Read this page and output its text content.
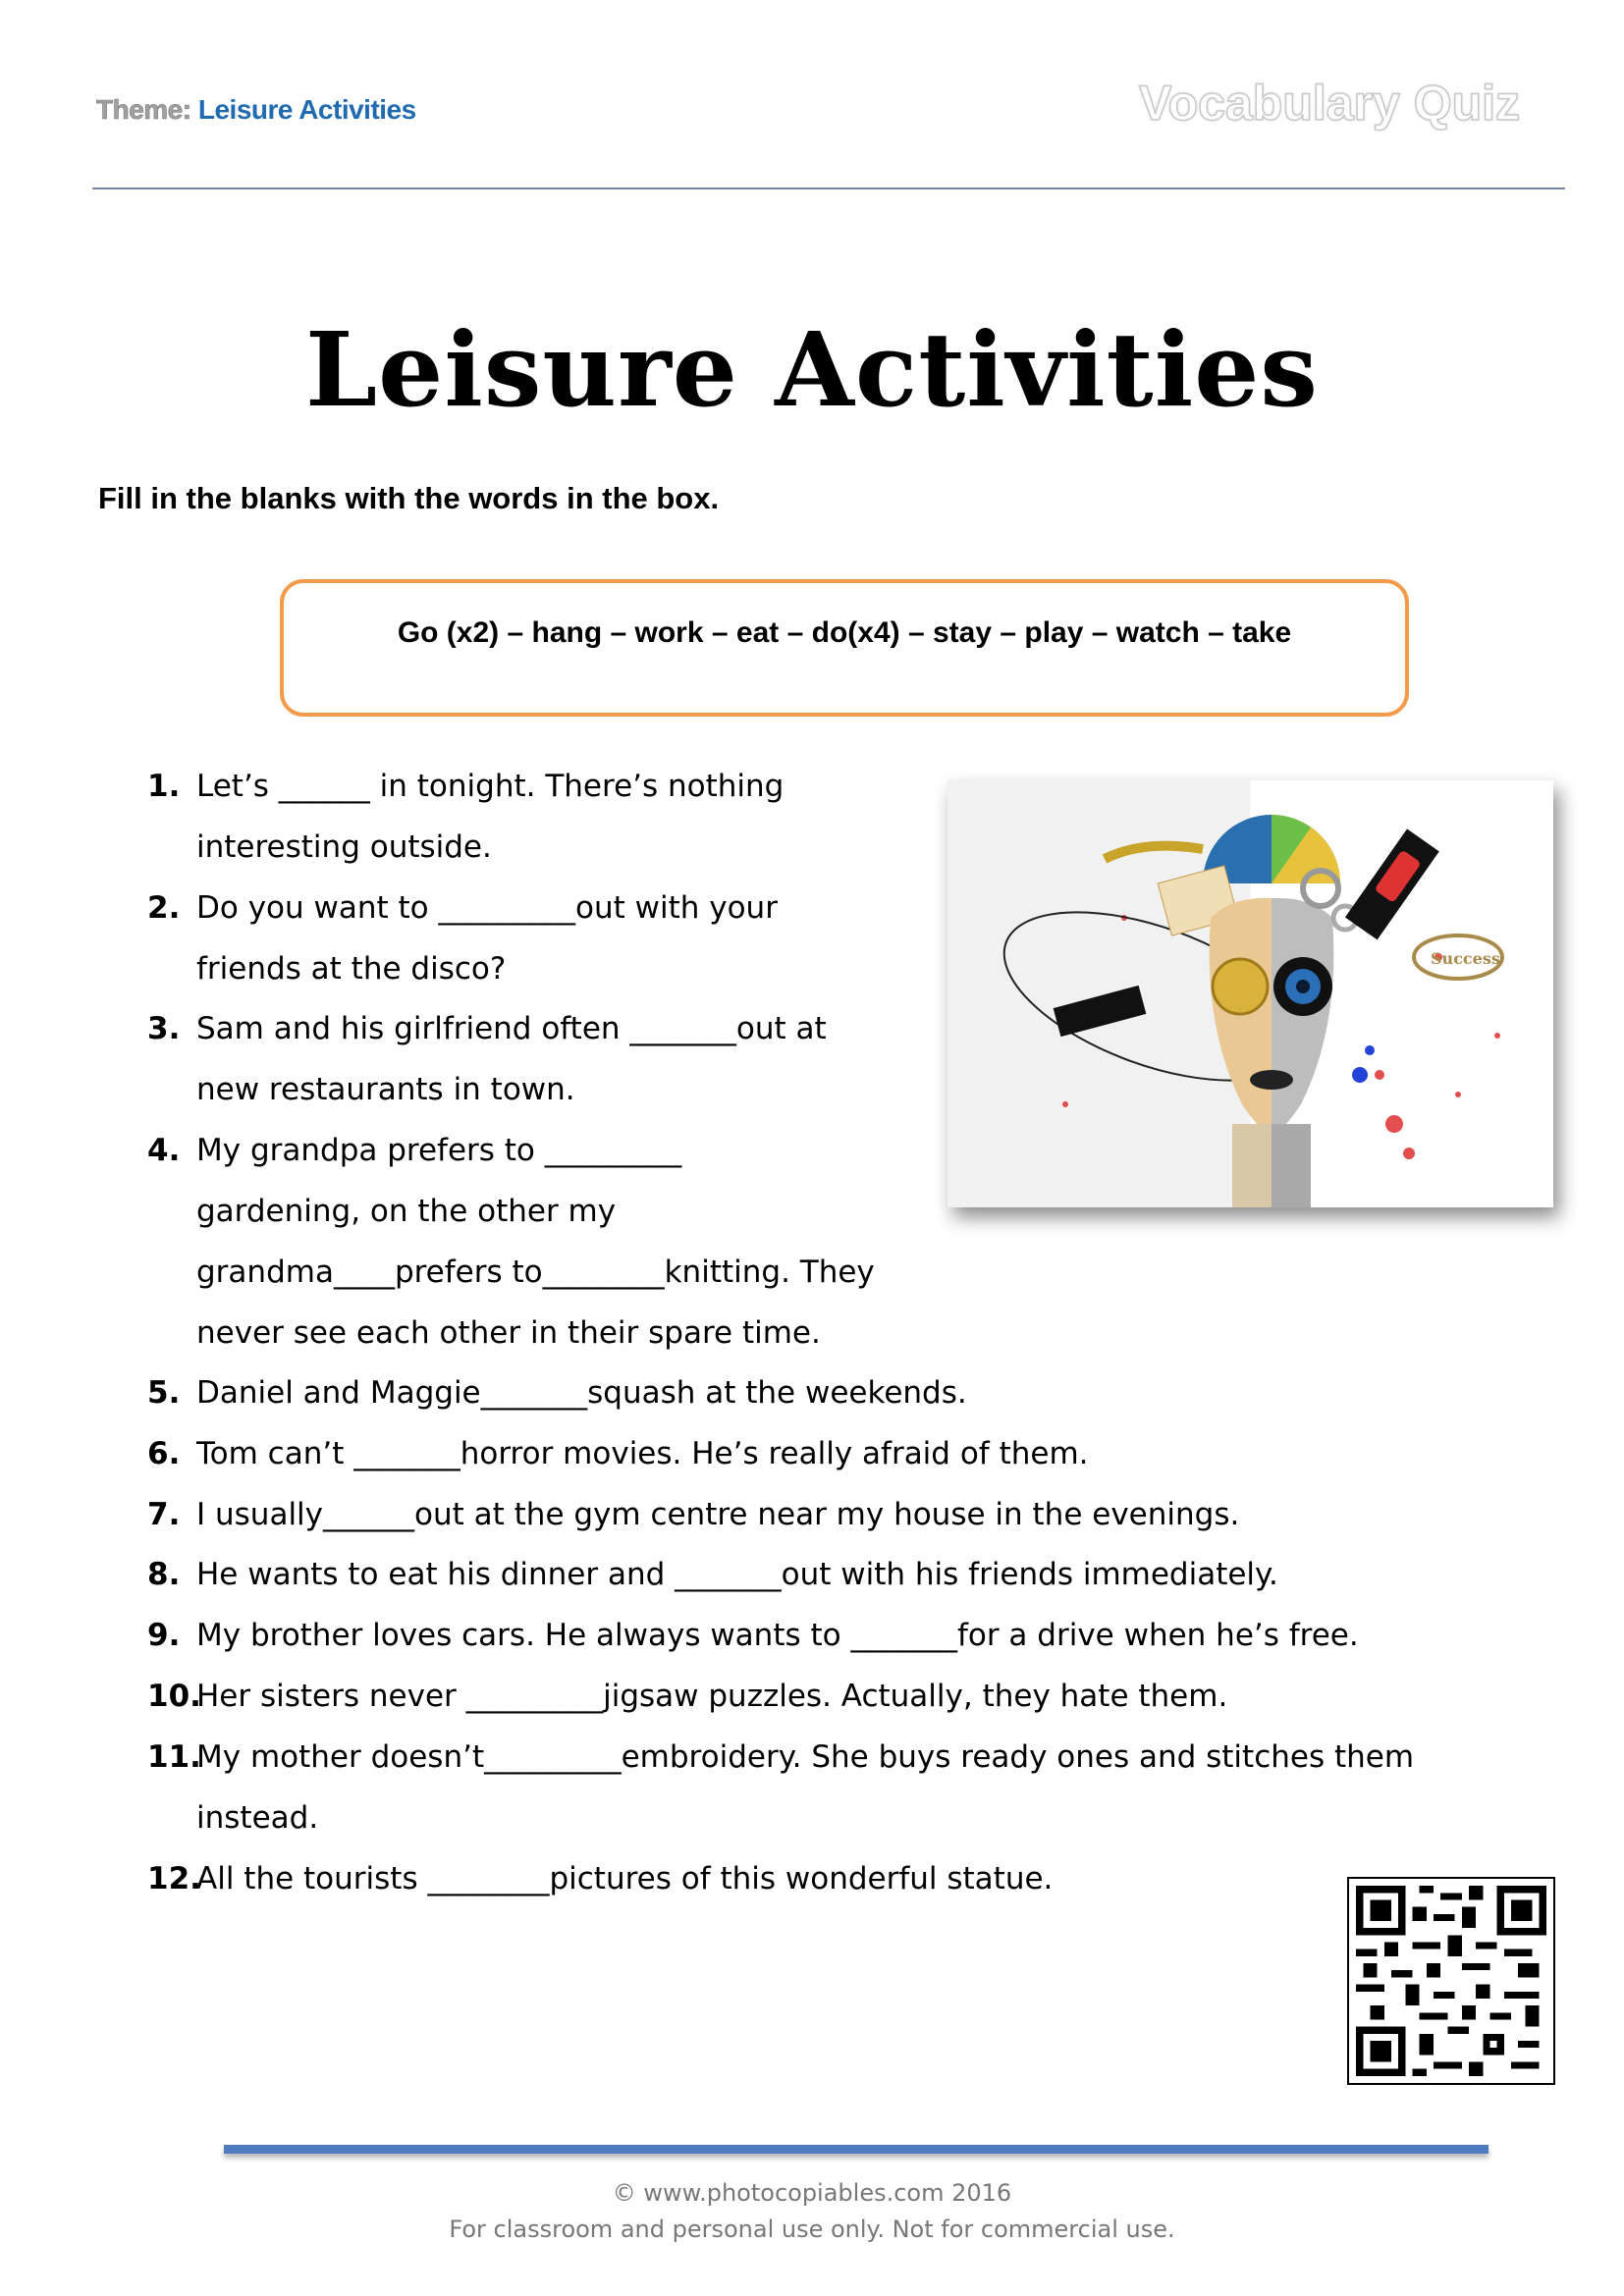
Theme: Leisure Activities	Vocabulary Quiz
Leisure Activities
Fill in the blanks with the words in the box.
Go (x2) – hang – work – eat – do(x4) – stay – play – watch – take
1. Let’s ______ in tonight. There’s nothing
interesting outside.
2. Do you want to _________out with your
friends at the disco?
3. Sam and his girlfriend often _______out at
new restaurants in town.
4. My grandpa prefers to _________
gardening, on the other my
grandma____prefers to________knitting. They
never see each other in their spare time.
5. Daniel and Maggie_______squash at the weekends.
6. Tom can’t _______horror movies. He’s really afraid of them.
7. I usually______out at the gym centre near my house in the evenings.
8. He wants to eat his dinner and _______out with his friends immediately.
9. My brother loves cars. He always wants to _______for a drive when he’s free.
10.
Her sisters never _________jigsaw puzzles. Actually, they hate them.
11.
My mother doesn’t_________embroidery. She buys ready ones and stitches them
instead.
12.
All the tourists ________pictures of this wonderful statue.
Success
© www.photocopiables.com 2016
For classroom and personal use only. Not for commercial use.
